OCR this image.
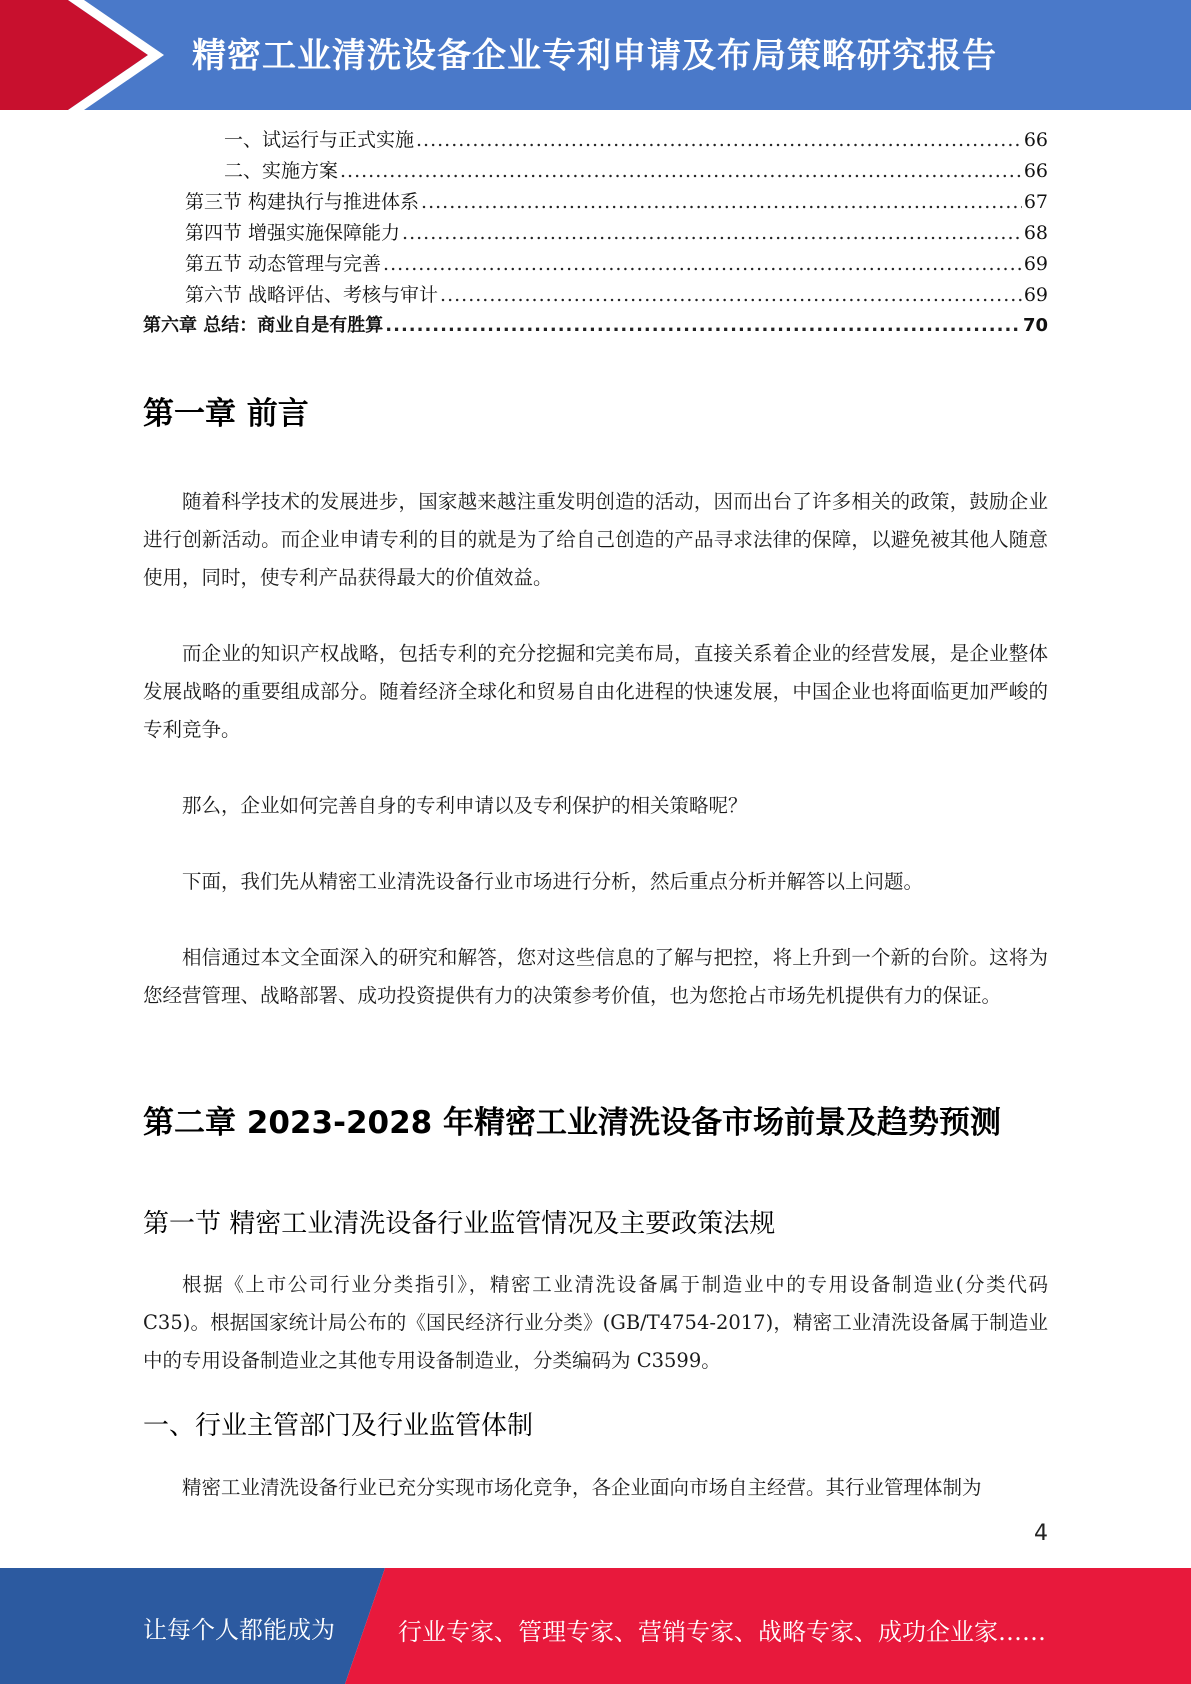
精密工业清洗设备企业专利申请及布局策略研究报告
一、试运行与正式实施 .....	66
二、实施方案 .....	66
第三节 构建执行与推进体系 .....	67
第四节 增强实施保障能力 .....	68
第五节 动态管理与完善 .....	69
第六节 战略评估、考核与审计 .....	69
第六章 总结：商业自是有胜算 .....	70
第一章 前言

随着科学技术的发展进步，国家越来越注重发明创造的活动，因而出台了许多相关的政策，鼓励企业进行创新活动。而企业申请专利的目的就是为了给自己创造的产品寻求法律的保障，以避免被其他人随意使用，同时，使专利产品获得最大的价值效益。

而企业的知识产权战略，包括专利的充分挖掘和完美布局，直接关系着企业的经营发展，是企业整体发展战略的重要组成部分。随着经济全球化和贸易自由化进程的快速发展，中国企业也将面临更加严峻的专利竞争。

那么，企业如何完善自身的专利申请以及专利保护的相关策略呢？

下面，我们先从精密工业清洗设备行业市场进行分析，然后重点分析并解答以上问题。

相信通过本文全面深入的研究和解答，您对这些信息的了解与把控，将上升到一个新的台阶。这将为您经营管理、战略部署、成功投资提供有力的决策参考价值，也为您抢占市场先机提供有力的保证。

第二章 2023-2028 年精密工业清洗设备市场前景及趋势预测
第一节 精密工业清洗设备行业监管情况及主要政策法规

根据《上市公司行业分类指引》，精密工业清洗设备属于制造业中的专用设备制造业(分类代码 C35)。根据国家统计局公布的《国民经济行业分类》(GB/T4754-2017)，精密工业清洗设备属于制造业中的专用设备制造业之其他专用设备制造业，分类编码为 C3599。

一、行业主管部门及行业监管体制

精密工业清洗设备行业已充分实现市场化竞争，各企业面向市场自主经营。其行业管理体制为

4
让每个人都能成为	行业专家、管理专家、营销专家、战略专家、成功企业家……
